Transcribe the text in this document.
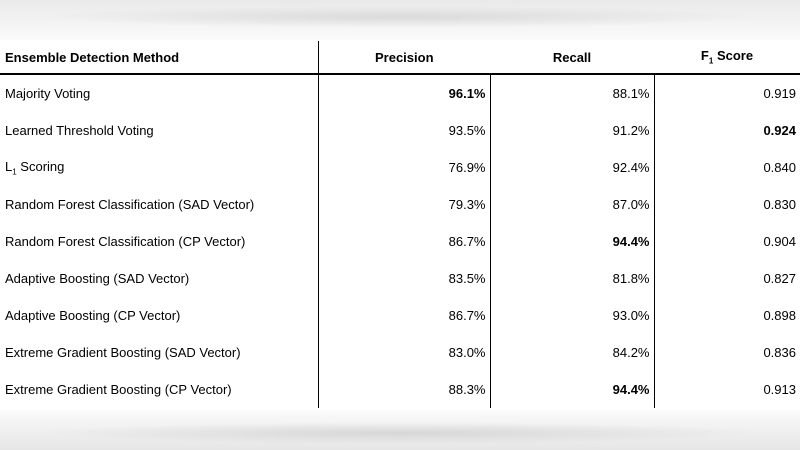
Ensemble Detection Method	Precision	Recall	$F_1$ Score
Majority Voting	96.1%	88.1%	0.919
Learned Threshold Voting	93.5%	91.2%	0.924
$L_1$ Scoring	76.9%	92.4%	0.840
Random Forest Classification (SAD Vector)	79.3%	87.0%	0.830
Random Forest Classification (CP Vector)	86.7%	94.4%	0.904
Adaptive Boosting (SAD Vector)	83.5%	81.8%	0.827
Adaptive Boosting (CP Vector)	86.7%	93.0%	0.898
Extreme Gradient Boosting (SAD Vector)	83.0%	84.2%	0.836
Extreme Gradient Boosting (CP Vector)	88.3%	94.4%	0.913
